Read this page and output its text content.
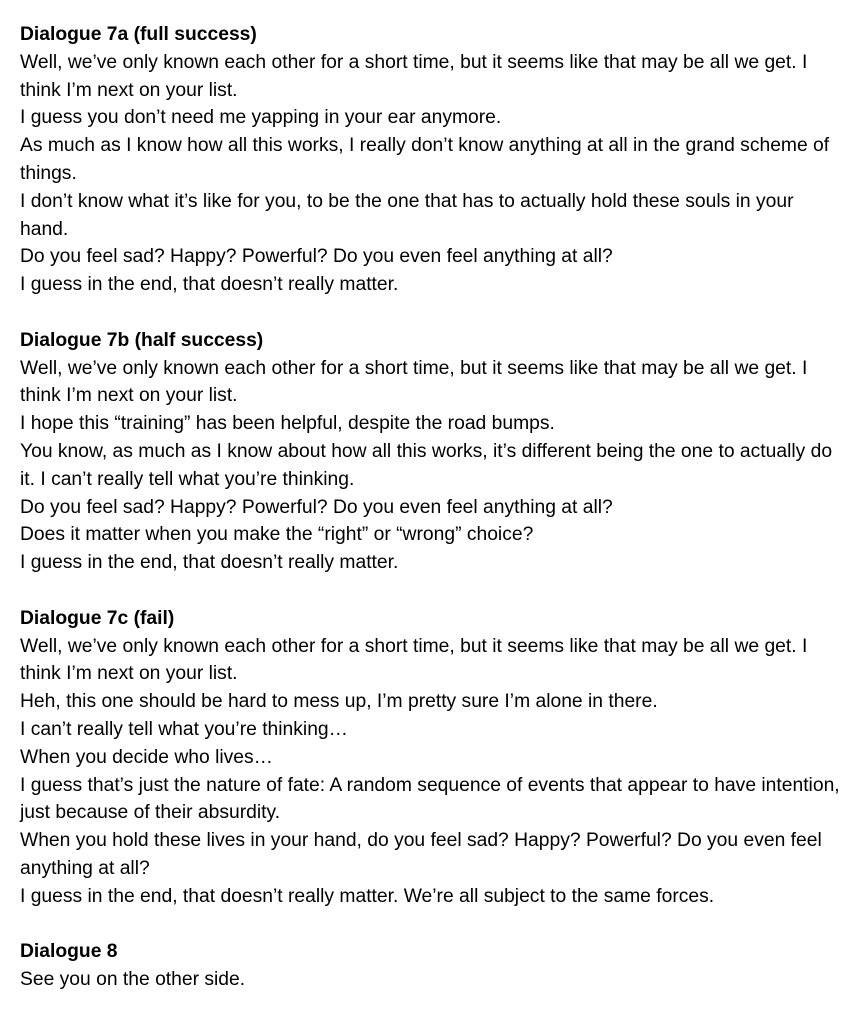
Dialogue 7a (full success)

Well, we’ve only known each other for a short time, but it seems like that may be all we get. I think I’m next on your list.

I guess you don’t need me yapping in your ear anymore.

As much as I know how all this works, I really don’t know anything at all in the grand scheme of things.

I don’t know what it’s like for you, to be the one that has to actually hold these souls in your hand.

Do you feel sad? Happy? Powerful? Do you even feel anything at all?

I guess in the end, that doesn’t really matter.

Dialogue 7b (half success)

Well, we’ve only known each other for a short time, but it seems like that may be all we get. I think I’m next on your list.

I hope this “training” has been helpful, despite the road bumps.

You know, as much as I know about how all this works, it’s different being the one to actually do it. I can’t really tell what you’re thinking.

Do you feel sad? Happy? Powerful? Do you even feel anything at all?

Does it matter when you make the “right” or “wrong” choice?

I guess in the end, that doesn’t really matter.

Dialogue 7c (fail)

Well, we’ve only known each other for a short time, but it seems like that may be all we get. I think I’m next on your list.

Heh, this one should be hard to mess up, I’m pretty sure I’m alone in there.

I can’t really tell what you’re thinking…

When you decide who lives…

I guess that’s just the nature of fate: A random sequence of events that appear to have intention, just because of their absurdity.

When you hold these lives in your hand, do you feel sad? Happy? Powerful? Do you even feel anything at all?

I guess in the end, that doesn’t really matter. We’re all subject to the same forces.

Dialogue 8

See you on the other side.
